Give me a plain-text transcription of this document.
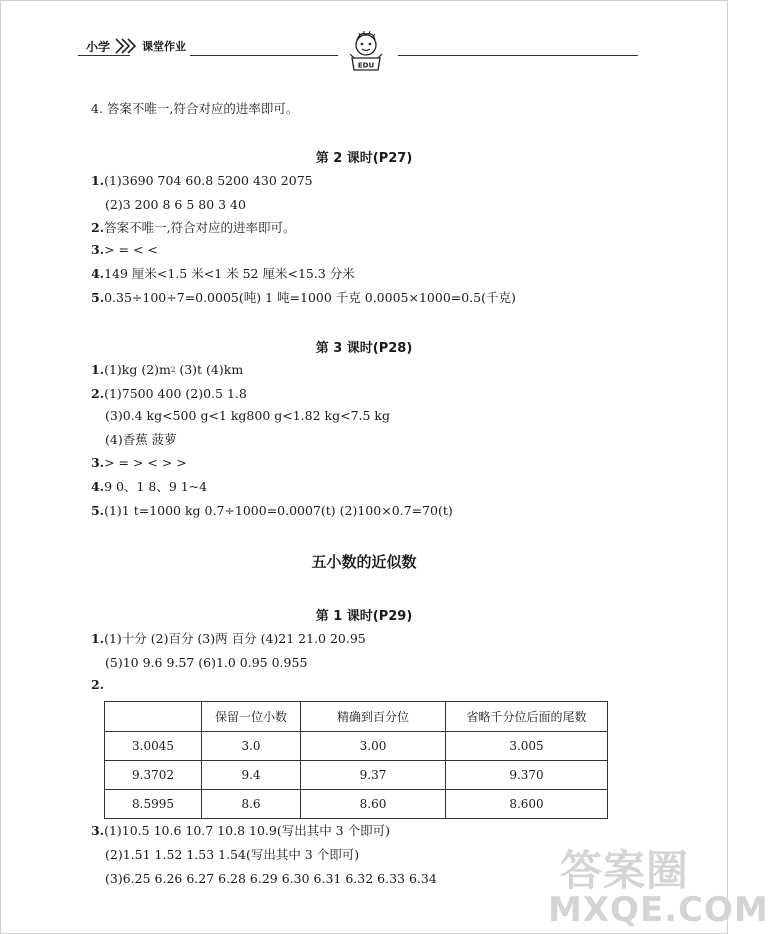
小学	课堂作业
EDU
4. 答案不唯一,符合对应的进率即可。
第 2 课时(P27)
1.(1)3690 704 60.8 5200 430 2075
(2)3 200 8 6 5 80 3 40
2.答案不唯一,符合对应的进率即可。
3.> = < <
4.149 厘米<1.5 米<1 米 52 厘米<15.3 分米
5.0.35÷100÷7=0.0005(吨) 1 吨=1000 千克 0.0005×1000=0.5(千克)
第 3 课时(P28)
1.(1)kg $(2)m^2$ (3)t (4)km
2.(1)7500 400 (2)0.5 1.8
(3)0.4 kg<500 g<1 kg800 g<1.82 kg<7.5 kg
(4)香蕉 菠萝
3.> = > < > >
4.9 0、1 8、9 1~4
5.(1)1 t=1000 kg 0.7÷1000=0.0007(t) (2)100×0.7=70(t)
五小数的近似数
第 1 课时(P29)
1.(1)十分 (2)百分 (3)两 百分 (4)21 21.0 20.95
(5)10 9.6 9.57 (6)1.0 0.95 0.955
2.
	保留一位小数	精确到百分位	省略千分位后面的尾数
3.0045	3.0	3.00	3.005
9.3702	9.4	9.37	9.370
8.5995	8.6	8.60	8.600
3.(1)10.5 10.6 10.7 10.8 10.9(写出其中 3 个即可)
(2)1.51 1.52 1.53 1.54(写出其中 3 个即可)
(3)6.25 6.26 6.27 6.28 6.29 6.30 6.31 6.32 6.33 6.34	答案圈
MXQE.COM
